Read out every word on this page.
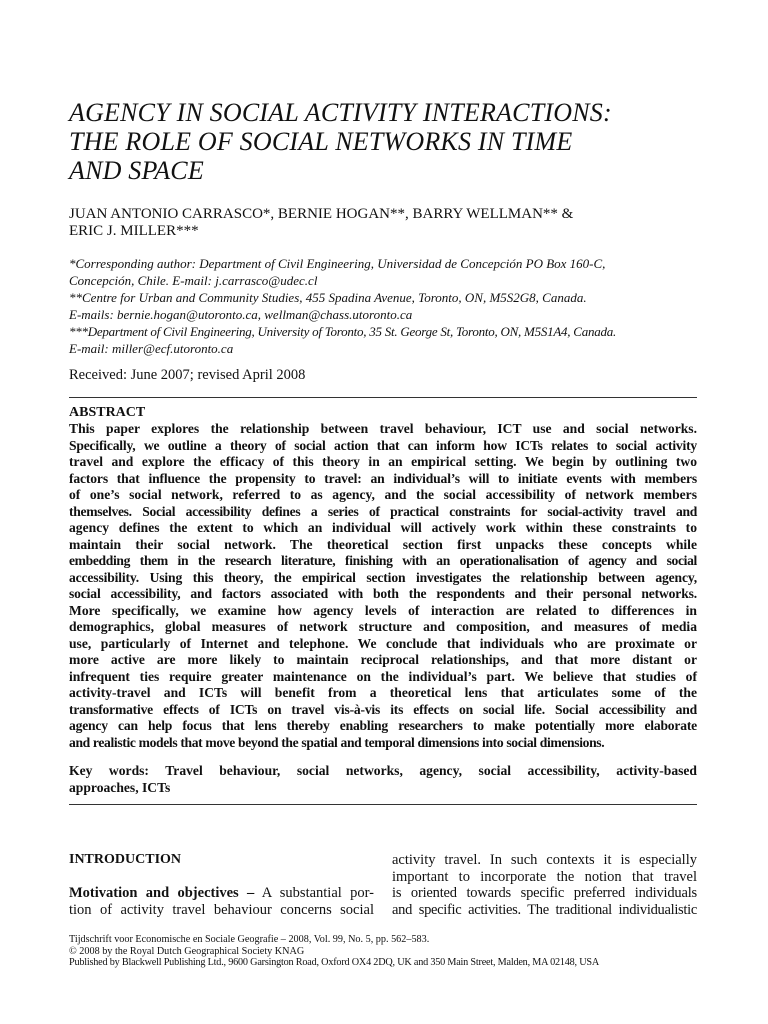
AGENCY IN SOCIAL ACTIVITY INTERACTIONS:
THE ROLE OF SOCIAL NETWORKS IN TIME
AND SPACE
JUAN ANTONIO CARRASCO*, BERNIE HOGAN**, BARRY WELLMAN** &
ERIC J. MILLER***
*Corresponding author: Department of Civil Engineering, Universidad de Concepción PO Box 160-C,
Concepción, Chile. E-mail: j.carrasco@udec.cl
**Centre for Urban and Community Studies, 455 Spadina Avenue, Toronto, ON, M5S2G8, Canada.
E-mails: bernie.hogan@utoronto.ca, wellman@chass.utoronto.ca
***Department of Civil Engineering, University of Toronto, 35 St. George St, Toronto, ON, M5S1A4, Canada.
E-mail: miller@ecf.utoronto.ca
Received: June 2007; revised April 2008
ABSTRACT
This paper explores the relationship between travel behaviour, ICT use and social networks.
Specifically, we outline a theory of social action that can inform how ICTs relates to social activity
travel and explore the efficacy of this theory in an empirical setting. We begin by outlining two
factors that influence the propensity to travel: an individual’s will to initiate events with members
of one’s social network, referred to as agency, and the social accessibility of network members
themselves. Social accessibility defines a series of practical constraints for social-activity travel and
agency defines the extent to which an individual will actively work within these constraints to
maintain their social network. The theoretical section first unpacks these concepts while
embedding them in the research literature, finishing with an operationalisation of agency and social
accessibility. Using this theory, the empirical section investigates the relationship between agency,
social accessibility, and factors associated with both the respondents and their personal networks.
More specifically, we examine how agency levels of interaction are related to differences in
demographics, global measures of network structure and composition, and measures of media
use, particularly of Internet and telephone. We conclude that individuals who are proximate or
more active are more likely to maintain reciprocal relationships, and that more distant or
infrequent ties require greater maintenance on the individual’s part. We believe that studies of
activity-travel and ICTs will benefit from a theoretical lens that articulates some of the
transformative effects of ICTs on travel vis-à-vis its effects on social life. Social accessibility and
agency can help focus that lens thereby enabling researchers to make potentially more elaborate
and realistic models that move beyond the spatial and temporal dimensions into social dimensions.
Key words: Travel behaviour, social networks, agency, social accessibility, activity-based
approaches, ICTs
INTRODUCTION
Motivation and objectives – A substantial por-
tion of activity travel behaviour concerns social
activity travel. In such contexts it is especially
important to incorporate the notion that travel
is oriented towards specific preferred individuals
and specific activities. The traditional individualistic
Tijdschrift voor Economische en Sociale Geografie – 2008, Vol. 99, No. 5, pp. 562–583.
© 2008 by the Royal Dutch Geographical Society KNAG
Published by Blackwell Publishing Ltd., 9600 Garsington Road, Oxford OX4 2DQ, UK and 350 Main Street, Malden, MA 02148, USA
